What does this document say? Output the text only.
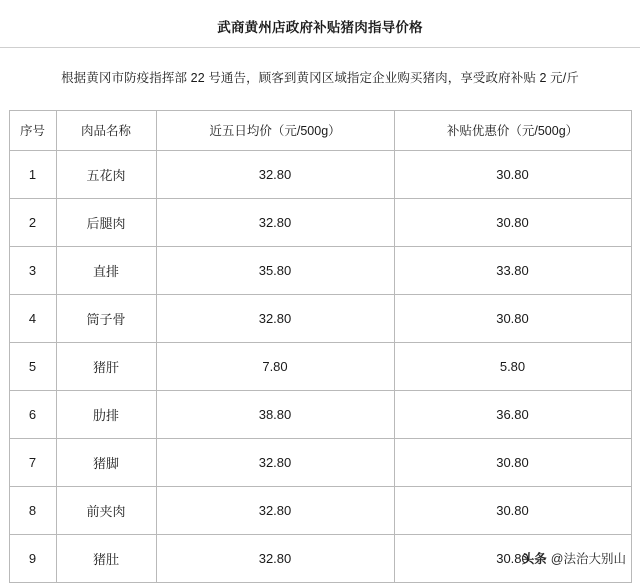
武商黄州店政府补贴猪肉指导价格
根据黄冈市防疫指挥部 22 号通告，顾客到黄冈区域指定企业购买猪肉，享受政府补贴 2 元/斤
序号	肉品名称	近五日均价（元/500g）	补贴优惠价（元/500g）
1	五花肉	32.80	30.80
2	后腿肉	32.80	30.80
3	直排	35.80	33.80
4	筒子骨	32.80	30.80
5	猪肝	7.80	5.80
6	肋排	38.80	36.80
7	猪脚	32.80	30.80
8	前夹肉	32.80	30.80
9	猪肚	32.80	30.80
头条 @法治大别山
